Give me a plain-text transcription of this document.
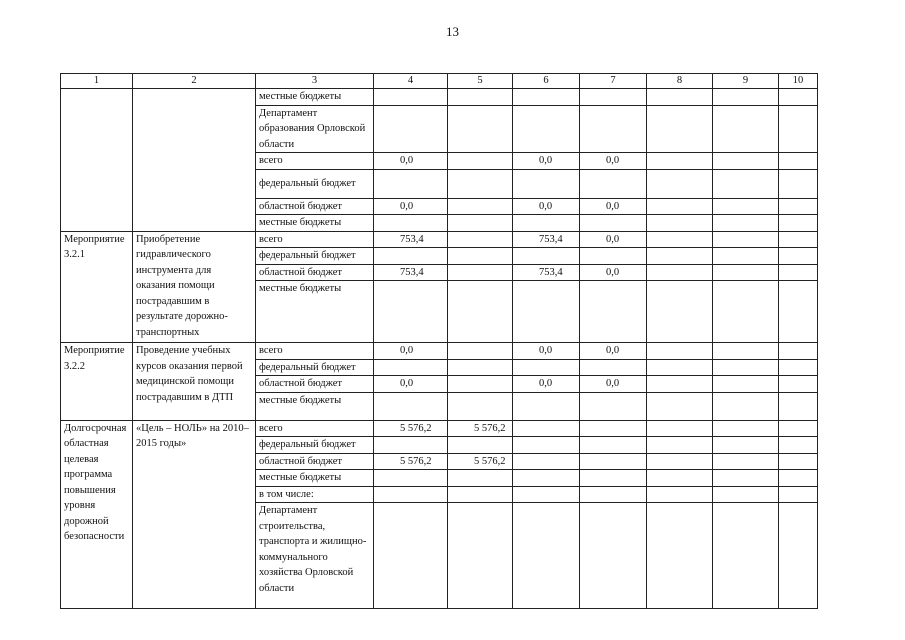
13
1	2	3	4	5	6	7	8	9	10
		местные бюджеты							
		Департамент образования Орловской области							
		всего	0,0		0,0	0,0			
		федеральный бюджет							
		областной бюджет	0,0		0,0	0,0			
		местные бюджеты							
Мероприятие 3.2.1	Приобретение гидравлического инструмента для оказания помощи пострадавшим в результате дорожно-транспортных	всего	753,4		753,4	0,0			
		федеральный бюджет							
		областной бюджет	753,4		753,4	0,0			
		местные бюджеты							
Мероприятие 3.2.2	Проведение учебных курсов оказания первой медицинской помощи пострадавшим в ДТП	всего	0,0		0,0	0,0			
		федеральный бюджет							
		областной бюджет	0,0		0,0	0,0			
		местные бюджеты							
Долгосрочная областная целевая программа повышения уровня дорожной безопасности	«Цель – НОЛЬ» на 2010–2015 годы»	всего	5 576,2	5 576,2					
		федеральный бюджет							
		областной бюджет	5 576,2	5 576,2					
		местные бюджеты							
		в том числе:							
		Департамент строительства, транспорта и жилищно-коммунального хозяйства Орловской области							
